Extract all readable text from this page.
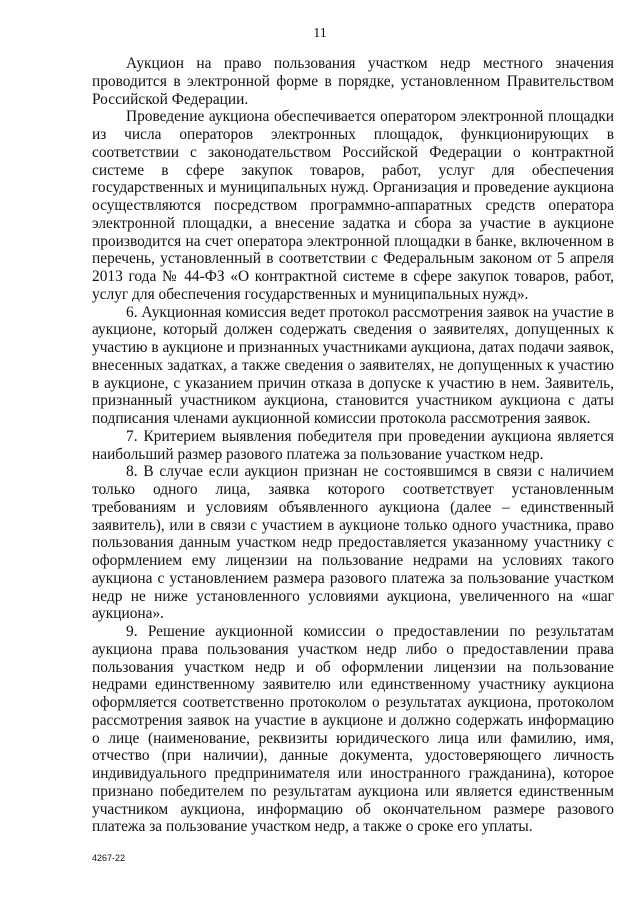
11

Аукцион на право пользования участком недр местного значения проводится в электронной форме в порядке, установленном Правительством Российской Федерации.

Проведение аукциона обеспечивается оператором электронной площадки из числа операторов электронных площадок, функционирующих в соответствии с законодательством Российской Федерации о контрактной системе в сфере закупок товаров, работ, услуг для обеспечения государственных и муниципальных нужд. Организация и проведение аукциона осуществляются посредством программно-аппаратных средств оператора электронной площадки, а внесение задатка и сбора за участие в аукционе производится на счет оператора электронной площадки в банке, включенном в перечень, установленный в соответствии с Федеральным законом от 5 апреля 2013 года № 44-ФЗ «О контрактной системе в сфере закупок товаров, работ, услуг для обеспечения государственных и муниципальных нужд».

6. Аукционная комиссия ведет протокол рассмотрения заявок на участие в аукционе, который должен содержать сведения о заявителях, допущенных к участию в аукционе и признанных участниками аукциона, датах подачи заявок, внесенных задатках, а также сведения о заявителях, не допущенных к участию в аукционе, с указанием причин отказа в допуске к участию в нем. Заявитель, признанный участником аукциона, становится участником аукциона с даты подписания членами аукционной комиссии протокола рассмотрения заявок.

7. Критерием выявления победителя при проведении аукциона является наибольший размер разового платежа за пользование участком недр.

8. В случае если аукцион признан не состоявшимся в связи с наличием только одного лица, заявка которого соответствует установленным требованиям и условиям объявленного аукциона (далее – единственный заявитель), или в связи с участием в аукционе только одного участника, право пользования данным участком недр предоставляется указанному участнику с оформлением ему лицензии на пользование недрами на условиях такого аукциона с установлением размера разового платежа за пользование участком недр не ниже установленного условиями аукциона, увеличенного на «шаг аукциона».

9. Решение аукционной комиссии о предоставлении по результатам аукциона права пользования участком недр либо о предоставлении права пользования участком недр и об оформлении лицензии на пользование недрами единственному заявителю или единственному участнику аукциона оформляется соответственно протоколом о результатах аукциона, протоколом рассмотрения заявок на участие в аукционе и должно содержать информацию о лице (наименование, реквизиты юридического лица или фамилию, имя, отчество (при наличии), данные документа, удостоверяющего личность индивидуального предпринимателя или иностранного гражданина), которое признано победителем по результатам аукциона или является единственным участником аукциона, информацию об окончательном размере разового платежа за пользование участком недр, а также о сроке его уплаты.

4267-22
